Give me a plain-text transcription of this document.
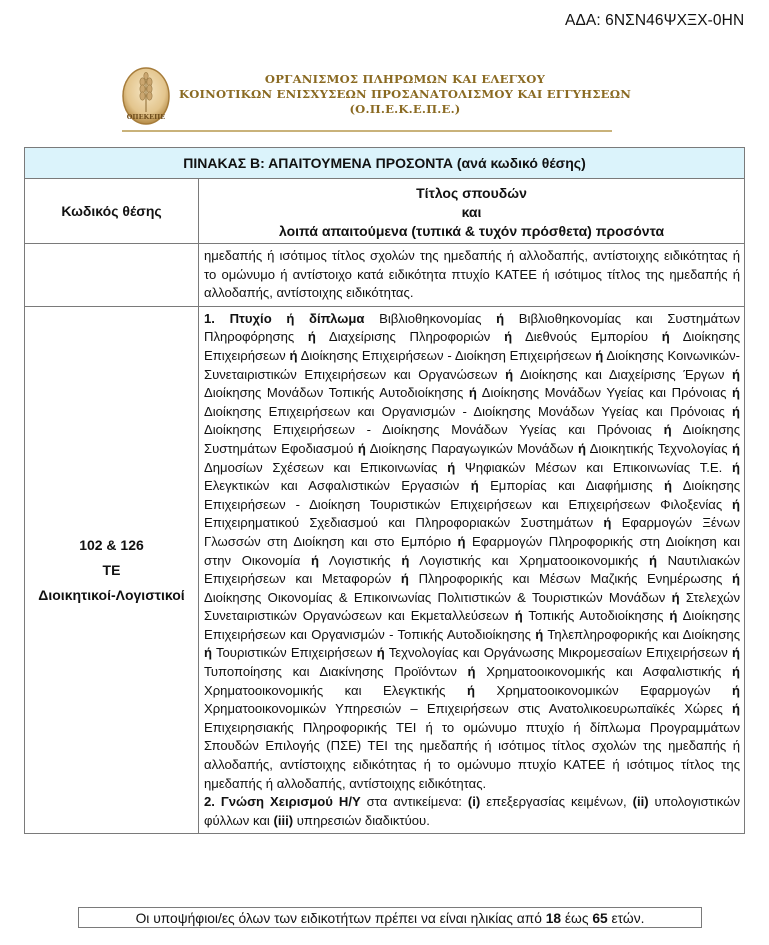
ΑΔΑ: 6ΝΣΝ46ΨΧΞΧ-0ΗΝ
ΟΠΕΚΕΠΕ
ΟΡΓΑΝΙΣΜΟΣ ΠΛΗΡΩΜΩΝ ΚΑΙ ΕΛΕΓΧΟΥ
ΚΟΙΝΟΤΙΚΩΝ ΕΝΙΣΧΥΣΕΩΝ ΠΡΟΣΑΝΑΤΟΛΙΣΜΟΥ ΚΑΙ ΕΓΓΥΗΣΕΩΝ
(Ο.Π.Ε.Κ.Ε.Π.Ε.)
ΠΙΝΑΚΑΣ Β: ΑΠΑΙΤΟΥΜΕΝΑ ΠΡΟΣΟΝΤΑ (ανά κωδικό θέσης)	
Κωδικός θέσης	Τίτλος σπουδών
και
λοιπά απαιτούμενα (τυπικά & τυχόν πρόσθετα) προσόντα

	ημεδαπής ή ισότιμος τίτλος σχολών της ημεδαπής ή αλλοδαπής, αντίστοιχης ειδικότητας ή το ομώνυμο ή αντίστοιχο κατά ειδικότητα πτυχίο ΚΑΤΕΕ ή ισότιμος τίτλος της ημεδαπής ή αλλοδαπής, αντίστοιχης ειδικότητας.

102 & 126
ΤΕ
Διοικητικοί-Λογιστικοί
	1. Πτυχίο ή δίπλωμα Βιβλιοθηκονομίας ή Βιβλιοθηκονομίας και Συστημάτων Πληροφόρησης ή Διαχείρισης Πληροφοριών ή Διεθνούς Εμπορίου ή Διοίκησης Επιχειρήσεων ή Διοίκησης Επιχειρήσεων - Διοίκηση Επιχειρήσεων ή Διοίκησης Κοινωνικών- Συνεταιριστικών Επιχειρήσεων και Οργανώσεων ή Διοίκησης και Διαχείρισης Έργων ή Διοίκησης Μονάδων Τοπικής Αυτοδιοίκησης ή Διοίκησης Μονάδων Υγείας και Πρόνοιας ή Διοίκησης Επιχειρήσεων και Οργανισμών - Διοίκησης Μονάδων Υγείας και Πρόνοιας ή Διοίκησης Επιχειρήσεων - Διοίκησης Μονάδων Υγείας και Πρόνοιας ή Διοίκησης Συστημάτων Εφοδιασμού ή Διοίκησης Παραγωγικών Μονάδων ή Διοικητικής Τεχνολογίας ή Δημοσίων Σχέσεων και Επικοινωνίας ή Ψηφιακών Μέσων και Επικοινωνίας Τ.Ε. ή Ελεγκτικών και Ασφαλιστικών Εργασιών ή Εμπορίας και Διαφήμισης ή Διοίκησης Επιχειρήσεων - Διοίκηση Τουριστικών Επιχειρήσεων και Επιχειρήσεων Φιλοξενίας ή Επιχειρηματικού Σχεδιασμού και Πληροφοριακών Συστημάτων ή Εφαρμογών Ξένων Γλωσσών στη Διοίκηση και στο Εμπόριο ή Εφαρμογών Πληροφορικής στη Διοίκηση και στην Οικονομία ή Λογιστικής ή Λογιστικής και Χρηματοοικονομικής ή Ναυτιλιακών Επιχειρήσεων και Μεταφορών ή Πληροφορικής και Μέσων Μαζικής Ενημέρωσης ή Διοίκησης Οικονομίας & Επικοινωνίας Πολιτιστικών & Τουριστικών Μονάδων ή Στελεχών Συνεταιριστικών Οργανώσεων και Εκμεταλλεύσεων ή Τοπικής Αυτοδιοίκησης ή Διοίκησης Επιχειρήσεων και Οργανισμών - Τοπικής Αυτοδιοίκησης ή Τηλεπληροφορικής και Διοίκησης ή Τουριστικών Επιχειρήσεων ή Τεχνολογίας και Οργάνωσης Μικρομεσαίων Επιχειρήσεων ή Τυποποίησης και Διακίνησης Προϊόντων ή Χρηματοοικονομικής και Ασφαλιστικής ή Χρηματοοικονομικής και Ελεγκτικής ή Χρηματοοικονομικών Εφαρμογών ή Χρηματοοικονομικών Υπηρεσιών – Επιχειρήσεων στις Ανατολικοευρωπαϊκές Χώρες ή Επιχειρησιακής Πληροφορικής ΤΕΙ ή το ομώνυμο πτυχίο ή δίπλωμα Προγραμμάτων Σπουδών Επιλογής (ΠΣΕ) ΤΕΙ της ημεδαπής ή ισότιμος τίτλος σχολών της ημεδαπής ή αλλοδαπής, αντίστοιχης ειδικότητας ή το ομώνυμο πτυχίο ΚΑΤΕΕ ή ισότιμος τίτλος της ημεδαπής ή αλλοδαπής, αντίστοιχης ειδικότητας.
2. Γνώση Χειρισμού Η/Υ στα αντικείμενα: (i) επεξεργασίας κειμένων, (ii) υπολογιστικών φύλλων και (iii) υπηρεσιών διαδικτύου.
Οι υποψήφιοι/ες όλων των ειδικοτήτων πρέπει να είναι ηλικίας από 18 έως 65 ετών.
